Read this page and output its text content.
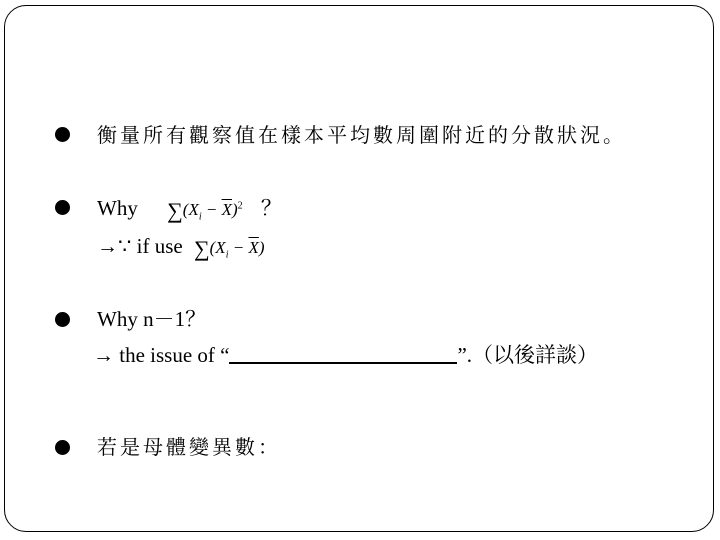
衡量所有觀察值在樣本平均數周圍附近的分散狀況。
Why $\sum(X_i - \overline{X})^2$ ？
→∵ if use $\sum(X_i - \overline{X})$
Why n－1？
→ the issue of “	”.（以後詳談）
若是母體變異數：
